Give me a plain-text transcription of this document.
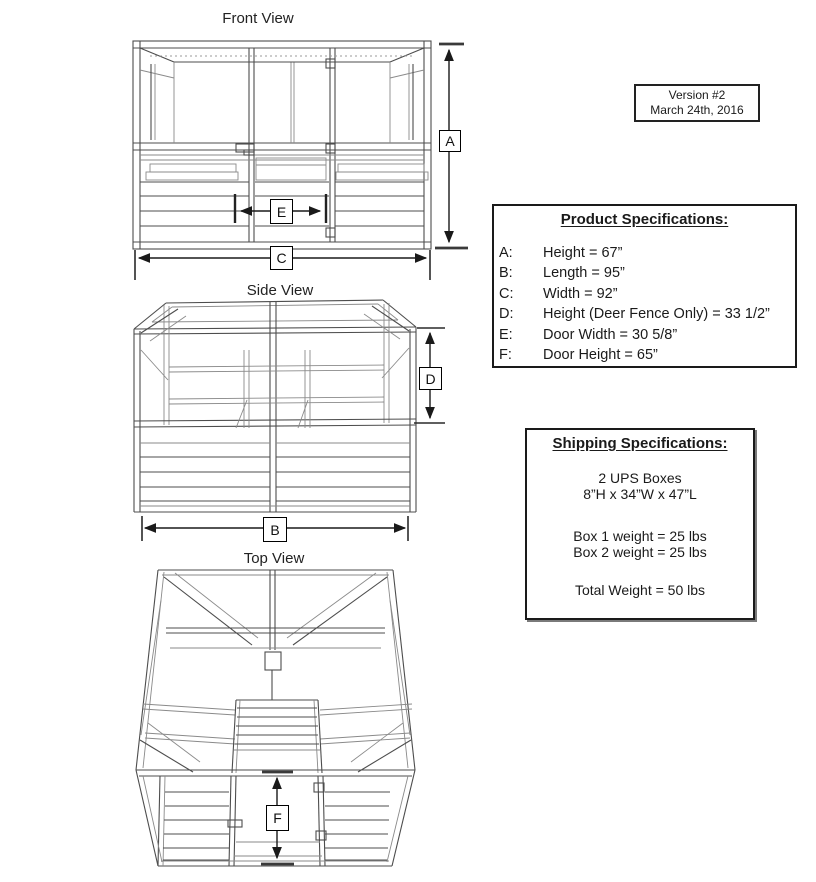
Front View
Side View
Top View
A
C
E
D
B
F
Version #2
March 24th, 2016
Product Specifications:
A:	Height = 67”
B:	Length = 95”
C:	Width = 92”
D:	Height (Deer Fence Only) = 33 1/2”
E:	Door Width = 30 5/8”
F:	Door Height = 65”
Shipping Specifications:
2 UPS Boxes
8”H x 34”W x 47”L
Box 1 weight = 25 lbs
Box 2 weight = 25 lbs
Total Weight = 50 lbs
